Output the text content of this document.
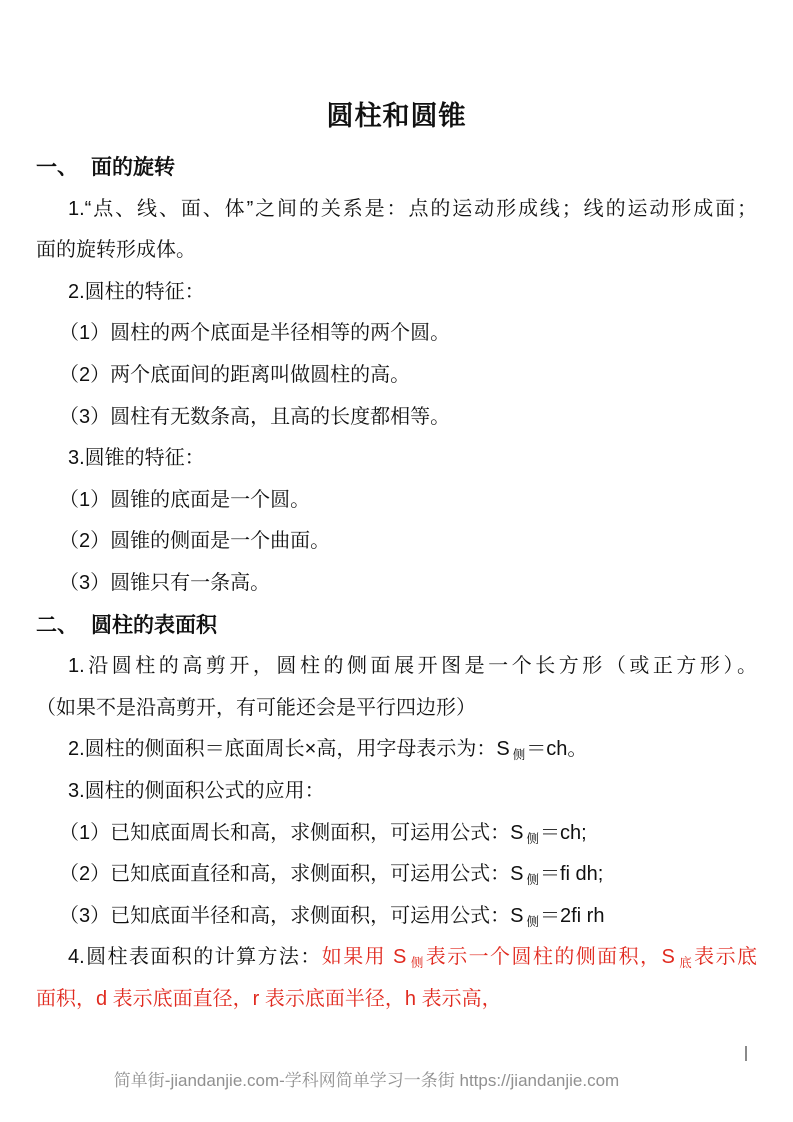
圆柱和圆锥
一、 面的旋转
1.“点、线、面、体”之间的关系是：点的运动形成线；线的运动形成面；
面的旋转形成体。
2.圆柱的特征：
（1）圆柱的两个底面是半径相等的两个圆。
（2）两个底面间的距离叫做圆柱的高。
（3）圆柱有无数条高，且高的长度都相等。
3.圆锥的特征：
（1）圆锥的底面是一个圆。
（2）圆锥的侧面是一个曲面。
（3）圆锥只有一条高。
二、 圆柱的表面积
1.沿圆柱的高剪开，圆柱的侧面展开图是一个长方形（或正方形）。
（如果不是沿高剪开，有可能还会是平行四边形）
2.圆柱的侧面积＝底面周长×高，用字母表示为：S $_侧$＝ch。
3.圆柱的侧面积公式的应用：
（1）已知底面周长和高，求侧面积，可运用公式：S $_侧$＝ch;
（2）已知底面直径和高，求侧面积，可运用公式：S $_侧$＝ﬁ dh;
（3）已知底面半径和高，求侧面积，可运用公式：S $_侧$＝2ﬁ rh
4.圆柱表面积的计算方法：如果用 S $_侧$表示一个圆柱的侧面积，S $_底$表示底
面积，d 表示底面直径，r 表示底面半径，h 表示高，
简单街-jiandanjie.com-学科网简单学习一条街 https://jiandanjie.com
